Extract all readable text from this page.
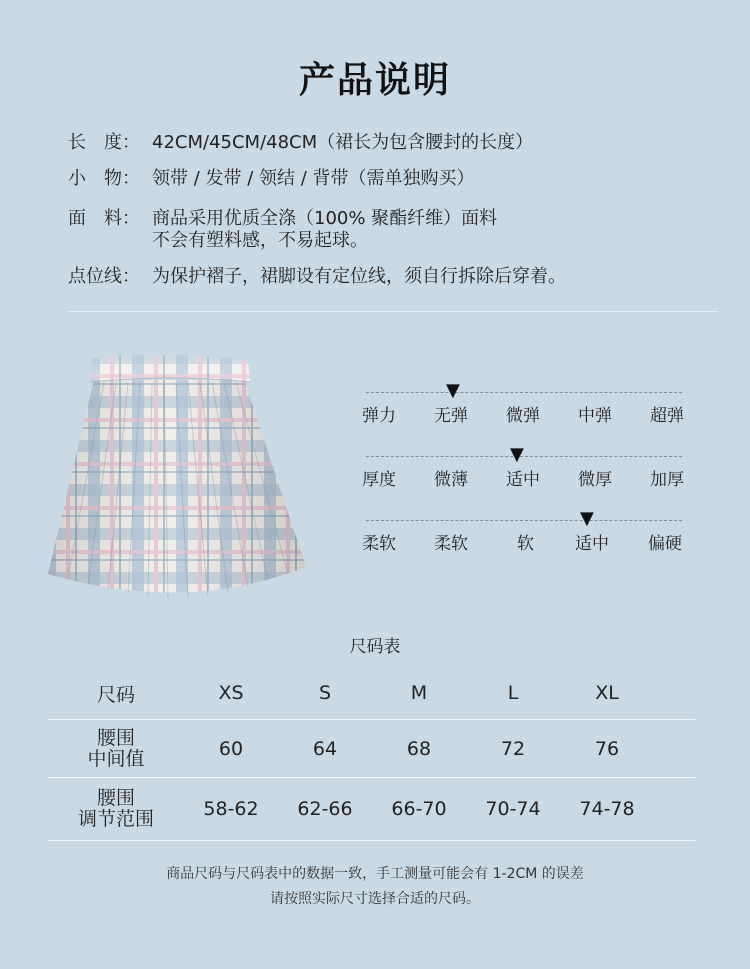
产品说明
长　度： 42CM/45CM/48CM（裙长为包含腰封的长度）
小　物： 领带 / 发带 / 领结 / 背带（需单独购买）
面　料： 商品采用优质全涤（100% 聚酯纤维）面料
不会有塑料感，不易起球。
点位线： 为保护褶子，裙脚设有定位线，须自行拆除后穿着。
▼
弹力 无弹 微弹 中弹 超弹
▼
厚度 微薄 适中 微厚 加厚
▼
柔软 柔软	软 适中 偏硬
尺码表
尺码	XS	S	M	L	XL	

腰围
中间值	60	64	68	72	76	

腰围
调节范围	58-62	62-66	66-70	70-74	74-78	
商品尺码与尺码表中的数据一致，手工测量可能会有 1-2CM 的误差
请按照实际尺寸选择合适的尺码。
